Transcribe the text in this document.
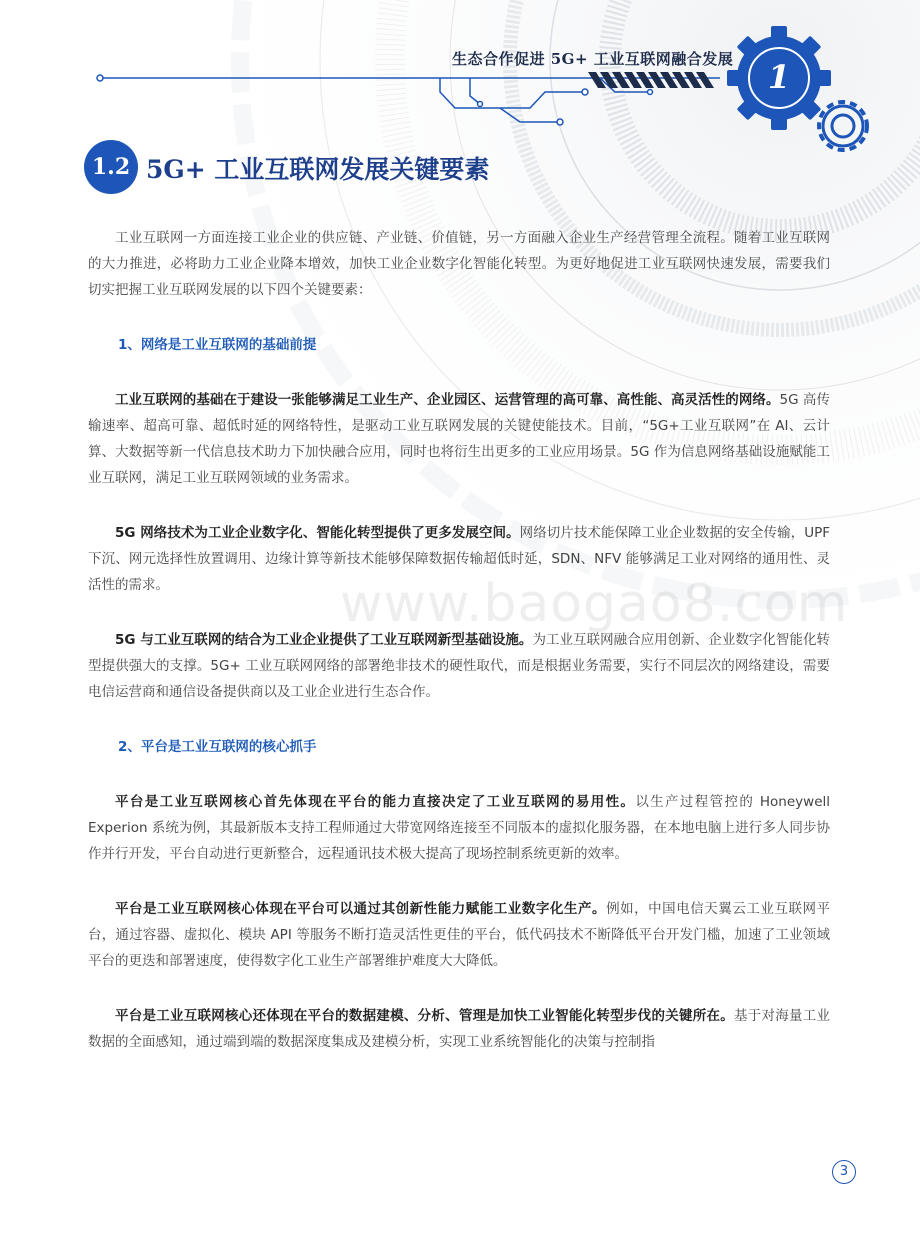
生态合作促进 5G+ 工业互联网融合发展 1
1.2 5G+ 工业互联网发展关键要素
www.baogao8.com

工业互联网一方面连接工业企业的供应链、产业链、价值链，另一方面融入企业生产经营管理全流程。随着工业互联网的大力推进，必将助力工业企业降本增效，加快工业企业数字化智能化转型。为更好地促进工业互联网快速发展，需要我们切实把握工业互联网发展的以下四个关键要素：

1、网络是工业互联网的基础前提

工业互联网的基础在于建设一张能够满足工业生产、企业园区、运营管理的高可靠、高性能、高灵活性的网络。5G 高传输速率、超高可靠、超低时延的网络特性，是驱动工业互联网发展的关键使能技术。目前，“5G+工业互联网”在 AI、云计算、大数据等新一代信息技术助力下加快融合应用，同时也将衍生出更多的工业应用场景。5G 作为信息网络基础设施赋能工业互联网，满足工业互联网领域的业务需求。

5G 网络技术为工业企业数字化、智能化转型提供了更多发展空间。网络切片技术能保障工业企业数据的安全传输，UPF 下沉、网元选择性放置调用、边缘计算等新技术能够保障数据传输超低时延，SDN、NFV 能够满足工业对网络的通用性、灵活性的需求。

5G 与工业互联网的结合为工业企业提供了工业互联网新型基础设施。为工业互联网融合应用创新、企业数字化智能化转型提供强大的支撑。5G+ 工业互联网网络的部署绝非技术的硬性取代，而是根据业务需要，实行不同层次的网络建设，需要电信运营商和通信设备提供商以及工业企业进行生态合作。

2、平台是工业互联网的核心抓手

平台是工业互联网核心首先体现在平台的能力直接决定了工业互联网的易用性。以生产过程管控的 Honeywell Experion 系统为例，其最新版本支持工程师通过大带宽网络连接至不同版本的虚拟化服务器，在本地电脑上进行多人同步协作并行开发，平台自动进行更新整合，远程通讯技术极大提高了现场控制系统更新的效率。

平台是工业互联网核心体现在平台可以通过其创新性能力赋能工业数字化生产。例如，中国电信天翼云工业互联网平台，通过容器、虚拟化、模块 API 等服务不断打造灵活性更佳的平台，低代码技术不断降低平台开发门槛，加速了工业领域平台的更迭和部署速度，使得数字化工业生产部署维护难度大大降低。

平台是工业互联网核心还体现在平台的数据建模、分析、管理是加快工业智能化转型步伐的关键所在。基于对海量工业数据的全面感知，通过端到端的数据深度集成及建模分析，实现工业系统智能化的决策与控制指

3
